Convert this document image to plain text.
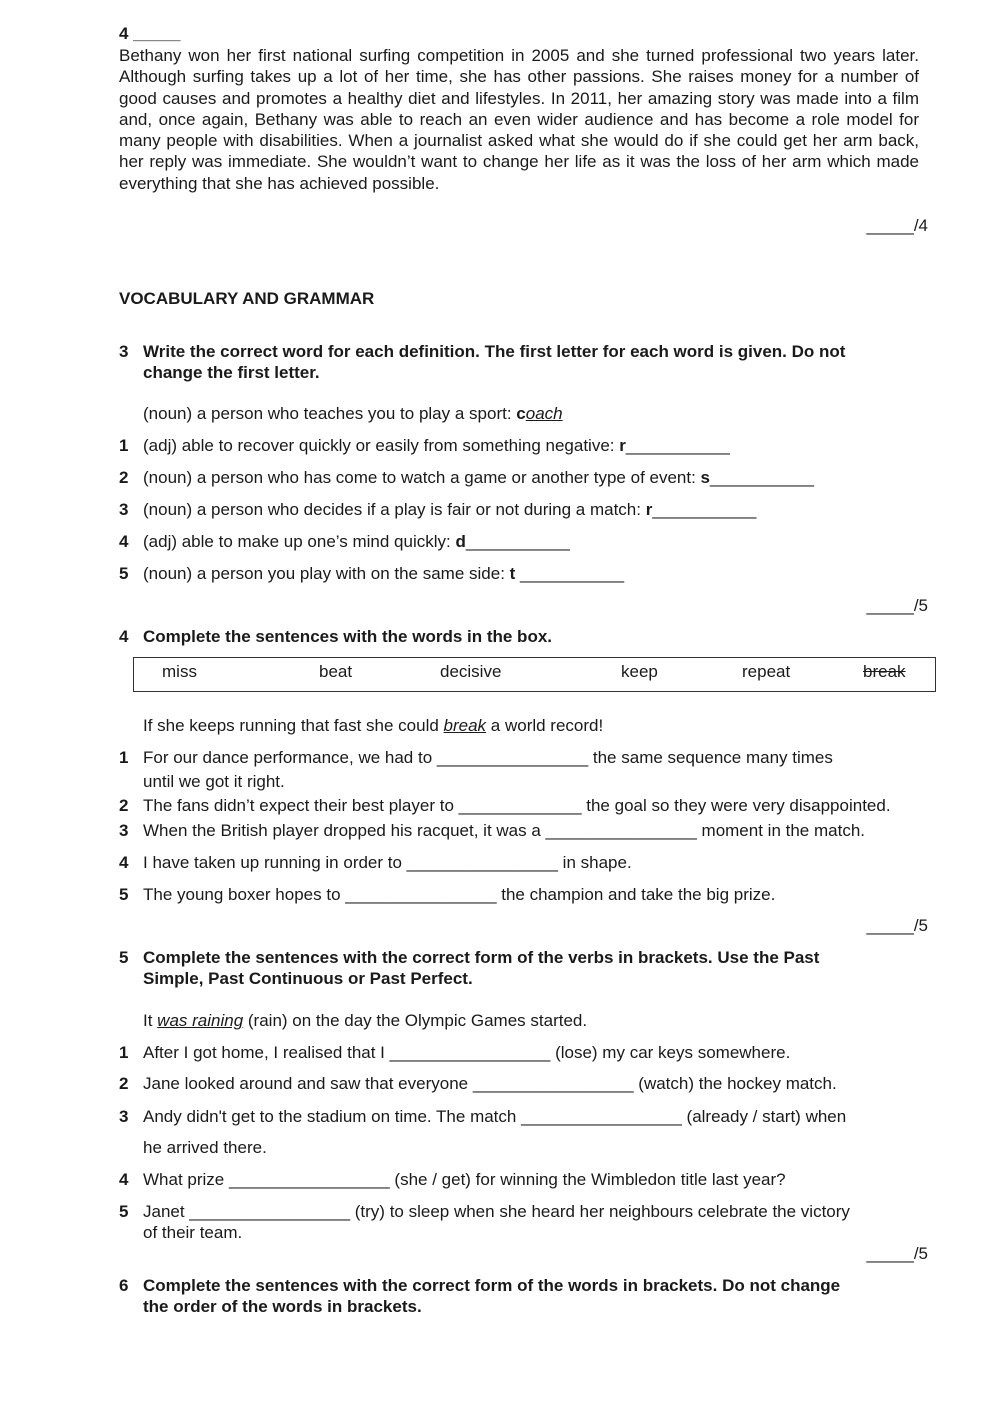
4 _____
Bethany won her first national surfing competition in 2005 and she turned professional two years later. Although surfing takes up a lot of her time, she has other passions. She raises money for a number of good causes and promotes a healthy diet and lifestyles. In 2011, her amazing story was made into a film and, once again, Bethany was able to reach an even wider audience and has become a role model for many people with disabilities. When a journalist asked what she would do if she could get her arm back, her reply was immediate. She wouldn’t want to change her life as it was the loss of her arm which made everything that she has achieved possible.
_____/4
VOCABULARY AND GRAMMAR
3 Write the correct word for each definition. The first letter for each word is given. Do not
change the first letter.
(noun) a person who teaches you to play a sport: coach
1 (adj) able to recover quickly or easily from something negative: r___________
2 (noun) a person who has come to watch a game or another type of event: s___________
3 (noun) a person who decides if a play is fair or not during a match: r___________
4 (adj) able to make up one’s mind quickly: d___________
5 (noun) a person you play with on the same side: t ___________
_____/5
4 Complete the sentences with the words in the box.
miss	beat	decisive	keep	repeat	break
If she keeps running that fast she could break a world record!
1 For our dance performance, we had to ________________ the same sequence many times
until we got it right.
2 The fans didn’t expect their best player to _____________ the goal so they were very disappointed.
3 When the British player dropped his racquet, it was a ________________ moment in the match.
4 I have taken up running in order to ________________ in shape.
5 The young boxer hopes to ________________ the champion and take the big prize.
_____/5
5 Complete the sentences with the correct form of the verbs in brackets. Use the Past
Simple, Past Continuous or Past Perfect.
It was raining (rain) on the day the Olympic Games started.
1 After I got home, I realised that I _________________ (lose) my car keys somewhere.
2 Jane looked around and saw that everyone _________________ (watch) the hockey match.
3 Andy didn't get to the stadium on time. The match _________________ (already / start) when
he arrived there.
4 What prize _________________ (she / get) for winning the Wimbledon title last year?
5 Janet _________________ (try) to sleep when she heard her neighbours celebrate the victory
of their team.
_____/5
6 Complete the sentences with the correct form of the words in brackets. Do not change
the order of the words in brackets.
